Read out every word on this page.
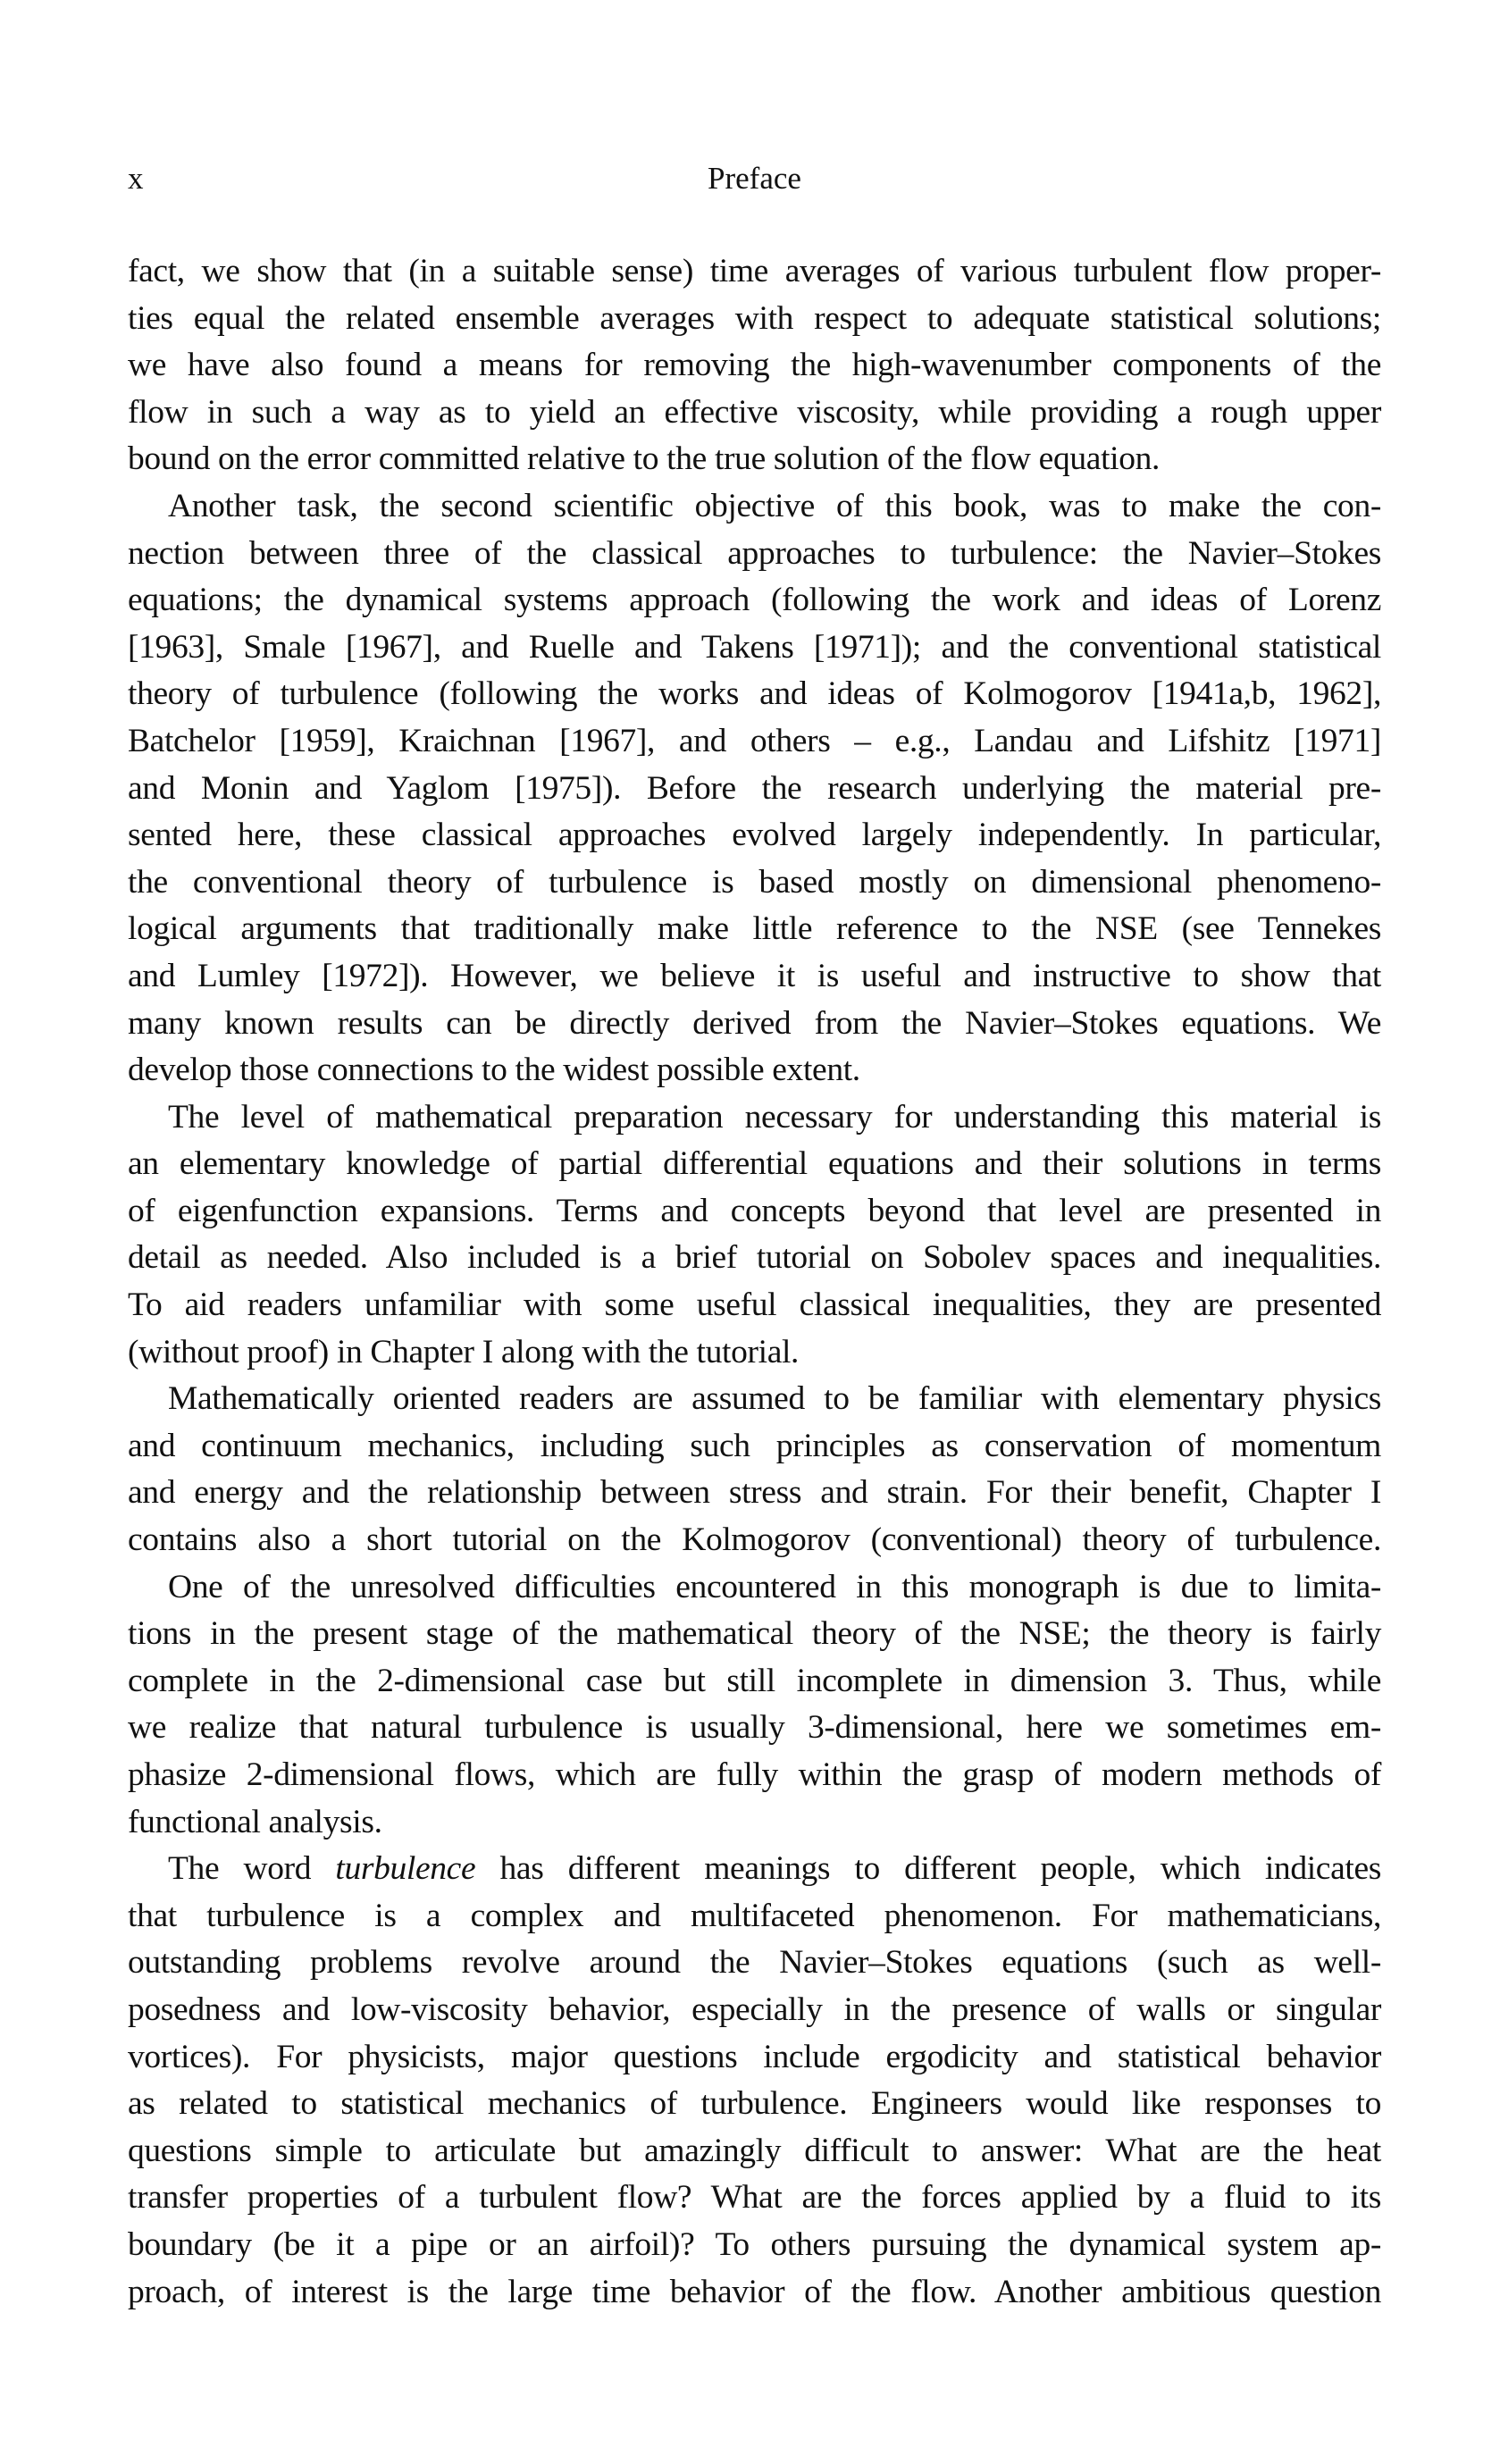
x	Preface
fact, we show that (in a suitable sense) time averages of various turbulent flow proper-
ties equal the related ensemble averages with respect to adequate statistical solutions;
we have also found a means for removing the high-wavenumber components of the
flow in such a way as to yield an effective viscosity, while providing a rough upper
bound on the error committed relative to the true solution of the flow equation.
Another task, the second scientific objective of this book, was to make the con-
nection between three of the classical approaches to turbulence: the Navier–Stokes
equations; the dynamical systems approach (following the work and ideas of Lorenz
[1963], Smale [1967], and Ruelle and Takens [1971]); and the conventional statistical
theory of turbulence (following the works and ideas of Kolmogorov [1941a,b, 1962],
Batchelor [1959], Kraichnan [1967], and others – e.g., Landau and Lifshitz [1971]
and Monin and Yaglom [1975]). Before the research underlying the material pre-
sented here, these classical approaches evolved largely independently. In particular,
the conventional theory of turbulence is based mostly on dimensional phenomeno-
logical arguments that traditionally make little reference to the NSE (see Tennekes
and Lumley [1972]). However, we believe it is useful and instructive to show that
many known results can be directly derived from the Navier–Stokes equations. We
develop those connections to the widest possible extent.
The level of mathematical preparation necessary for understanding this material is
an elementary knowledge of partial differential equations and their solutions in terms
of eigenfunction expansions. Terms and concepts beyond that level are presented in
detail as needed. Also included is a brief tutorial on Sobolev spaces and inequalities.
To aid readers unfamiliar with some useful classical inequalities, they are presented
(without proof) in Chapter I along with the tutorial.
Mathematically oriented readers are assumed to be familiar with elementary physics
and continuum mechanics, including such principles as conservation of momentum
and energy and the relationship between stress and strain. For their benefit, Chapter I
contains also a short tutorial on the Kolmogorov (conventional) theory of turbulence.
One of the unresolved difficulties encountered in this monograph is due to limita-
tions in the present stage of the mathematical theory of the NSE; the theory is fairly
complete in the 2-dimensional case but still incomplete in dimension 3. Thus, while
we realize that natural turbulence is usually 3-dimensional, here we sometimes em-
phasize 2-dimensional flows, which are fully within the grasp of modern methods of
functional analysis.
The word turbulence has different meanings to different people, which indicates
that turbulence is a complex and multifaceted phenomenon. For mathematicians,
outstanding problems revolve around the Navier–Stokes equations (such as well-
posedness and low-viscosity behavior, especially in the presence of walls or singular
vortices). For physicists, major questions include ergodicity and statistical behavior
as related to statistical mechanics of turbulence. Engineers would like responses to
questions simple to articulate but amazingly difficult to answer: What are the heat
transfer properties of a turbulent flow? What are the forces applied by a fluid to its
boundary (be it a pipe or an airfoil)? To others pursuing the dynamical system ap-
proach, of interest is the large time behavior of the flow. Another ambitious question
